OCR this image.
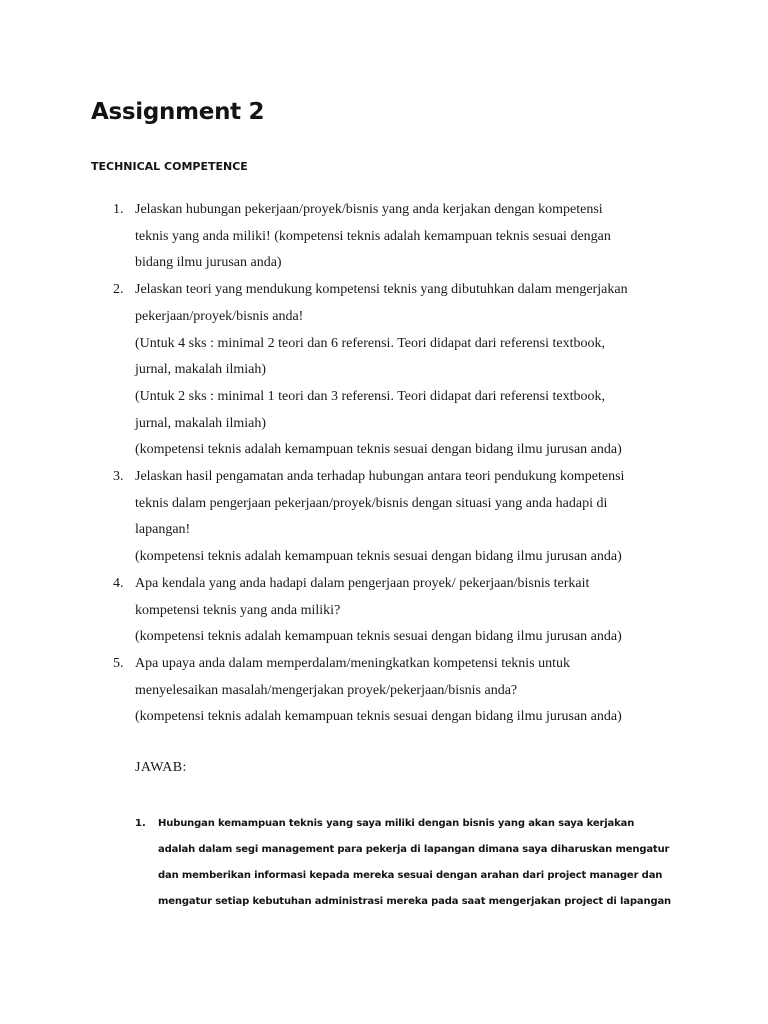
Assignment 2
TECHNICAL COMPETENCE
1. Jelaskan hubungan pekerjaan/proyek/bisnis yang anda kerjakan dengan kompetensi
teknis yang anda miliki! (kompetensi teknis adalah kemampuan teknis sesuai dengan
bidang ilmu jurusan anda)
2. Jelaskan teori yang mendukung kompetensi teknis yang dibutuhkan dalam mengerjakan
pekerjaan/proyek/bisnis anda!
(Untuk 4 sks : minimal 2 teori dan 6 referensi. Teori didapat dari referensi textbook,
jurnal, makalah ilmiah)
(Untuk 2 sks : minimal 1 teori dan 3 referensi. Teori didapat dari referensi textbook,
jurnal, makalah ilmiah)
(kompetensi teknis adalah kemampuan teknis sesuai dengan bidang ilmu jurusan anda)
3. Jelaskan hasil pengamatan anda terhadap hubungan antara teori pendukung kompetensi
teknis dalam pengerjaan pekerjaan/proyek/bisnis dengan situasi yang anda hadapi di
lapangan!
(kompetensi teknis adalah kemampuan teknis sesuai dengan bidang ilmu jurusan anda)
4. Apa kendala yang anda hadapi dalam pengerjaan proyek/ pekerjaan/bisnis terkait
kompetensi teknis yang anda miliki?
(kompetensi teknis adalah kemampuan teknis sesuai dengan bidang ilmu jurusan anda)
5. Apa upaya anda dalam memperdalam/meningkatkan kompetensi teknis untuk
menyelesaikan masalah/mengerjakan proyek/pekerjaan/bisnis anda?
(kompetensi teknis adalah kemampuan teknis sesuai dengan bidang ilmu jurusan anda)

JAWAB:

1. Hubungan kemampuan teknis yang saya miliki dengan bisnis yang akan saya kerjakan
adalah dalam segi management para pekerja di lapangan dimana saya diharuskan mengatur
dan memberikan informasi kepada mereka sesuai dengan arahan dari project manager dan
mengatur setiap kebutuhan administrasi mereka pada saat mengerjakan project di lapangan
